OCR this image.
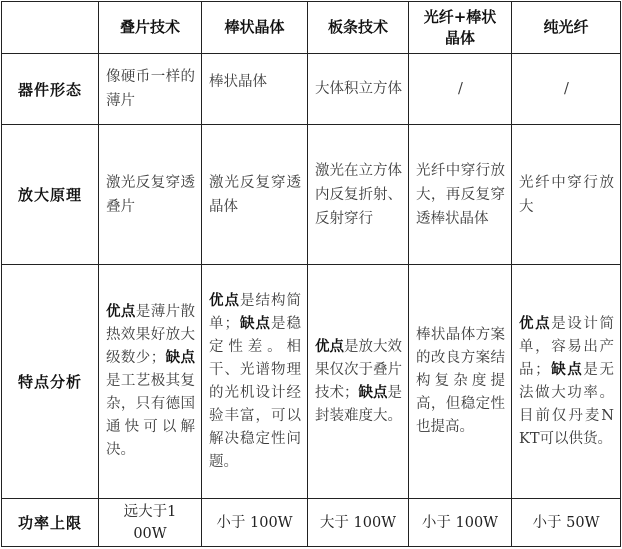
	叠片技术	棒状晶体	板条技术	光纤+棒状晶体	纯光纤
器件形态	像硬币一样的薄片	棒状晶体	大体积立方体	/	/
放大原理	激光反复穿透叠片	激光反复穿透晶体	激光在立方体内反复折射、反射穿行	光纤中穿行放大，再反复穿透棒状晶体	光纤中穿行放大
特点分析	优点是薄片散热效果好放大级数少；缺点是工艺极其复杂，只有德国通快可以解决。	优点是结构简单；缺点是稳定性差。相干、光谱物理的光机设计经验丰富，可以解决稳定性问题。	优点是放大效果仅次于叠片技术；缺点是封装难度大。	棒状晶体方案的改良方案结构复杂度提高，但稳定性也提高。	优点是设计简单，容易出产品；缺点是无法做大功率。目前仅丹麦NKT可以供货。
功率上限	远大于100W	小于 100W	大于 100W	小于 100W	小于 50W
